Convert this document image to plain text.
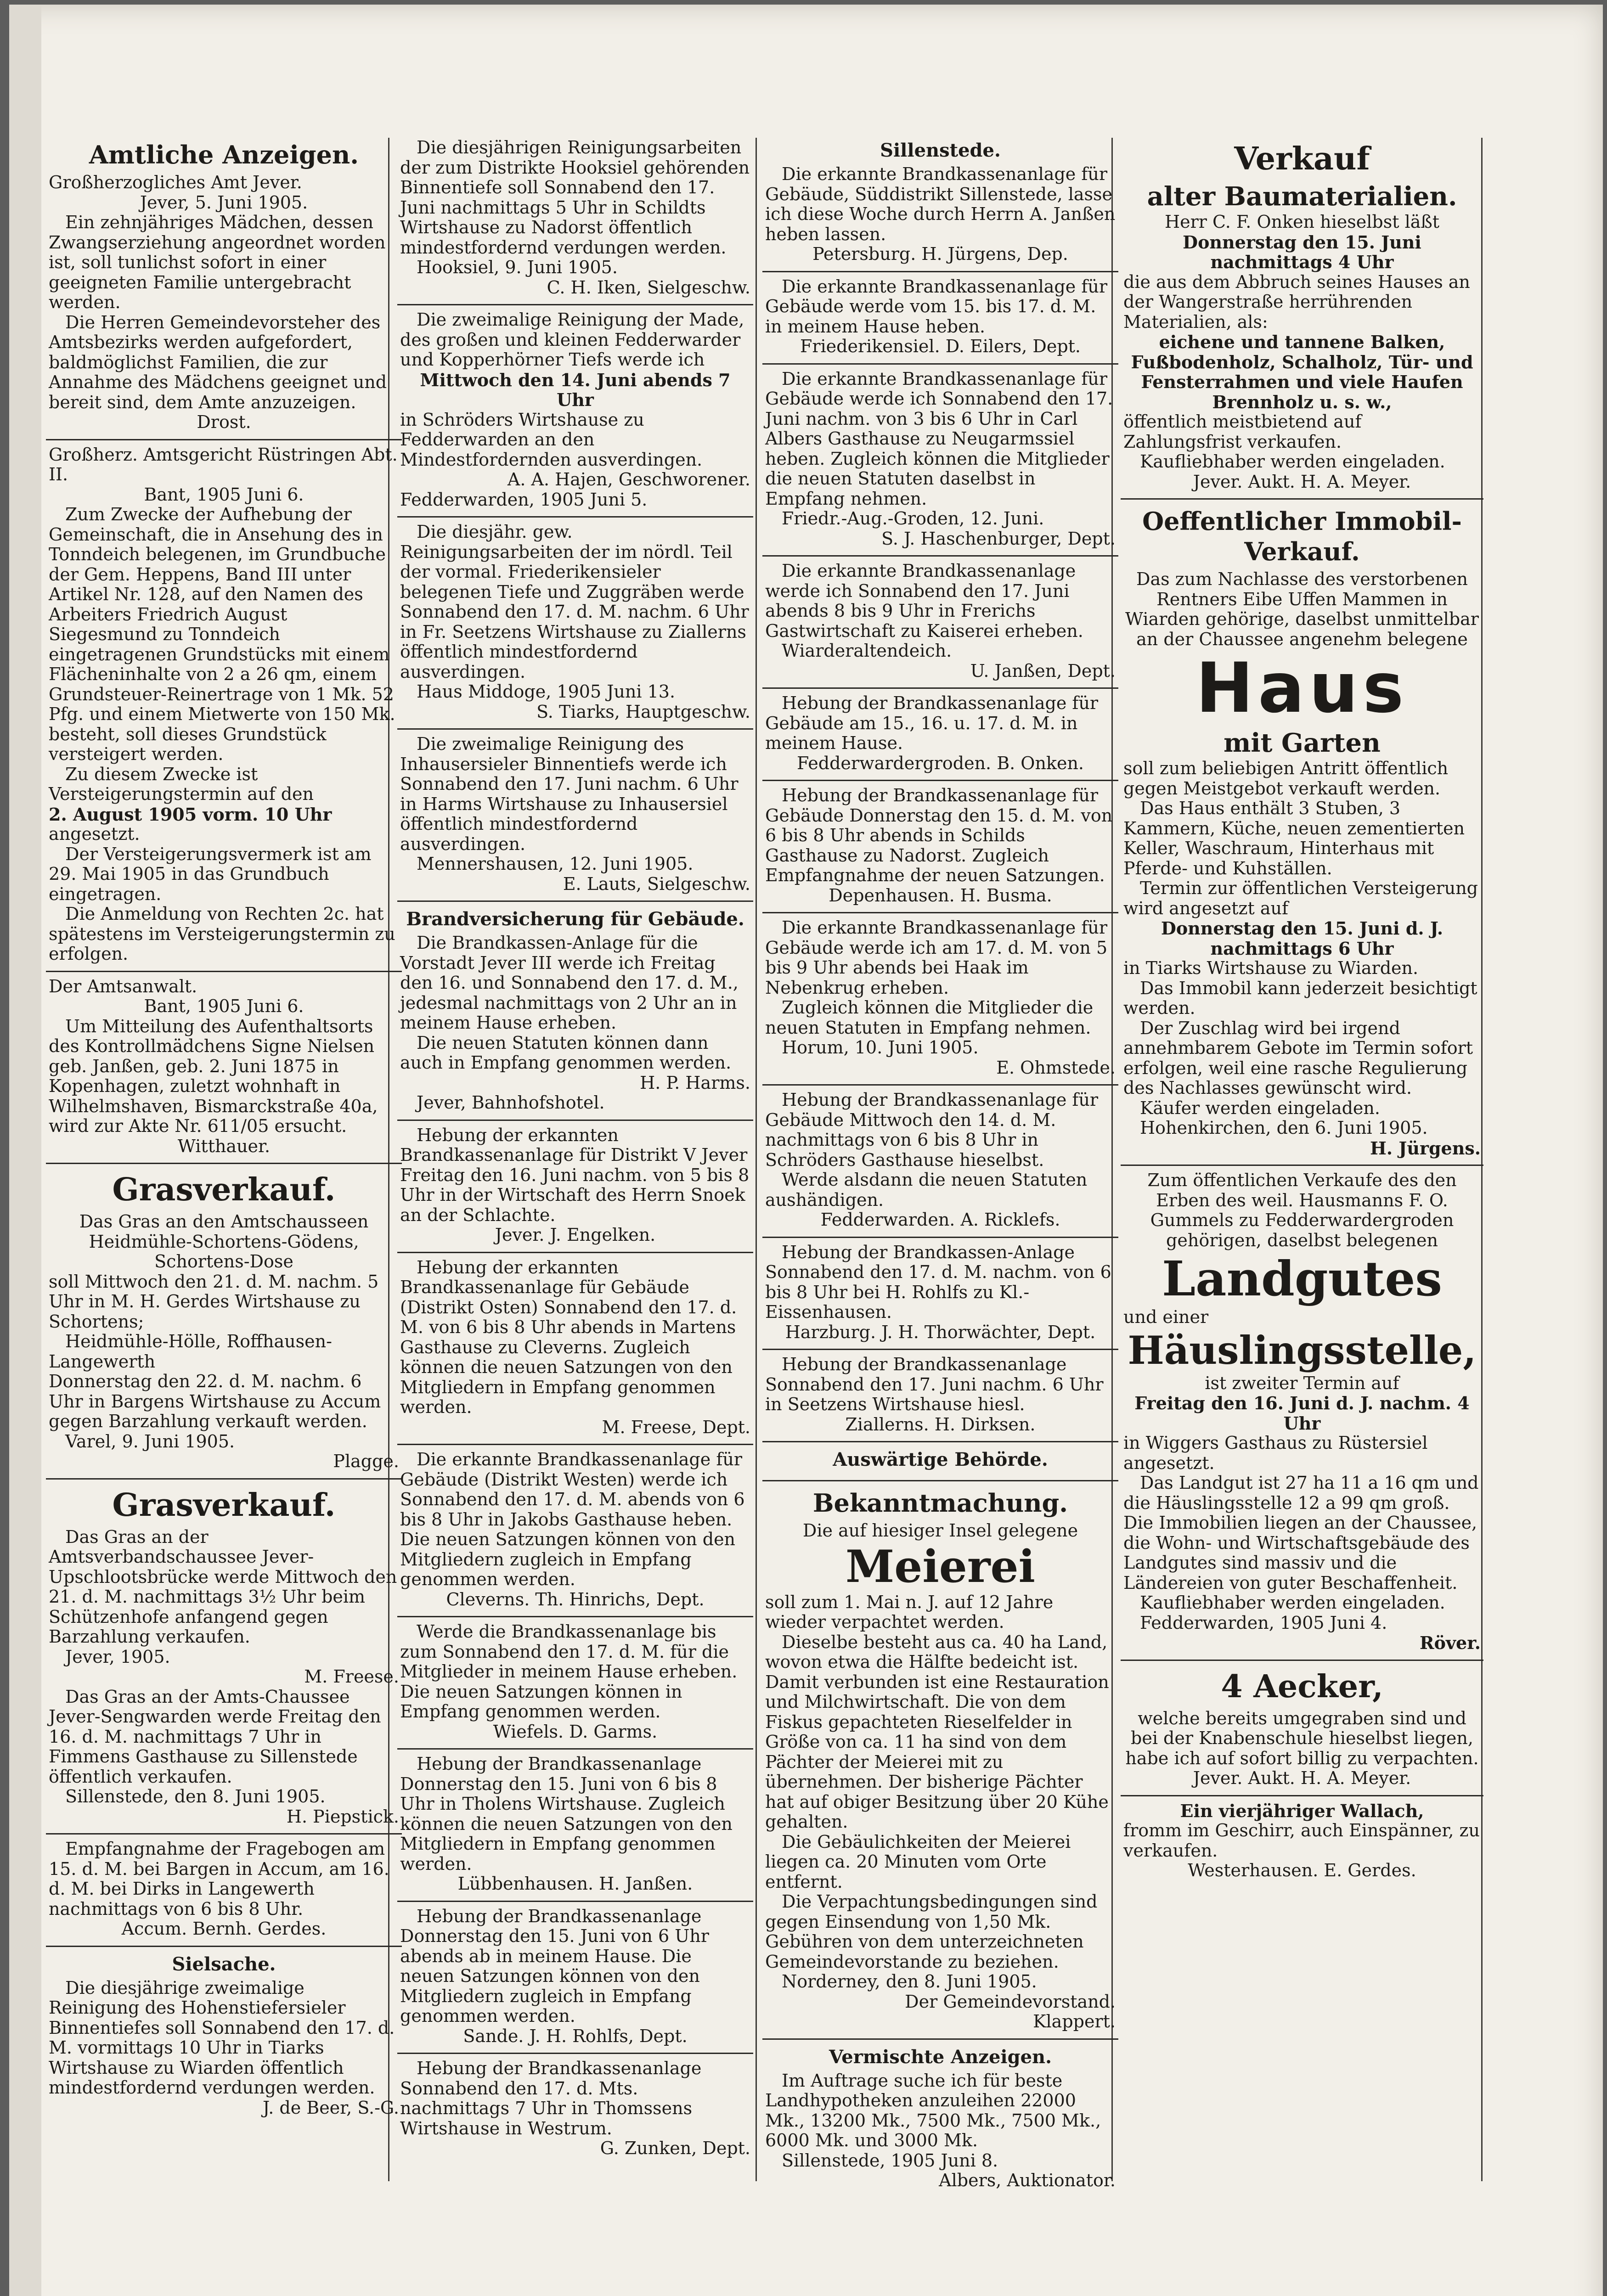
Amtliche Anzeigen.

Großherzogliches Amt Jever.

Jever, 5. Juni 1905.

Ein zehnjähriges Mädchen, dessen Zwangserziehung angeordnet worden ist, soll tunlichst sofort in einer geeigneten Familie untergebracht werden.

Die Herren Gemeindevorsteher des Amtsbezirks werden aufgefordert, baldmöglichst Familien, die zur Annahme des Mädchens geeignet und bereit sind, dem Amte anzuzeigen.

Drost.

Großherz. Amtsgericht Rüstringen Abt. II.

Bant, 1905 Juni 6.

Zum Zwecke der Aufhebung der Gemeinschaft, die in Ansehung des in Tonndeich belegenen, im Grundbuche der Gem. Heppens, Band III unter Artikel Nr. 128, auf den Namen des Arbeiters Friedrich August Siegesmund zu Tonndeich eingetragenen Grundstücks mit einem Flächeninhalte von 2 a 26 qm, einem Grundsteuer-Reinertrage von 1 Mk. 52 Pfg. und einem Mietwerte von 150 Mk. besteht, soll dieses Grundstück versteigert werden.

Zu diesem Zwecke ist Versteigerungstermin auf den

2. August 1905 vorm. 10 Uhr

angesetzt.

Der Versteigerungsvermerk ist am 29. Mai 1905 in das Grundbuch eingetragen.

Die Anmeldung von Rechten 2c. hat spätestens im Versteigerungstermin zu erfolgen.

Der Amtsanwalt.

Bant, 1905 Juni 6.

Um Mitteilung des Aufenthaltsorts des Kontrollmädchens Signe Nielsen geb. Janßen, geb. 2. Juni 1875 in Kopenhagen, zuletzt wohnhaft in Wilhelmshaven, Bismarckstraße 40a, wird zur Akte Nr. 611/05 ersucht.

Witthauer.

Grasverkauf.

Das Gras an den Amtschausseen Heidmühle-Schortens-Gödens, Schortens-Dose

soll Mittwoch den 21. d. M. nachm. 5 Uhr in M. H. Gerdes Wirtshause zu Schortens;

Heidmühle-Hölle, Roffhausen-Langewerth

Donnerstag den 22. d. M. nachm. 6 Uhr in Bargens Wirtshause zu Accum gegen Barzahlung verkauft werden.

Varel, 9. Juni 1905.

Plagge.

Grasverkauf.

Das Gras an der Amtsverbandschaussee Jever-Upschlootsbrücke werde Mittwoch den 21. d. M. nachmittags 3½ Uhr beim Schützenhofe anfangend gegen Barzahlung verkaufen.

Jever, 1905.

M. Freese.

Das Gras an der Amts-Chaussee Jever-Sengwarden werde Freitag den 16. d. M. nachmittags 7 Uhr in Fimmens Gasthause zu Sillenstede öffentlich verkaufen.

Sillenstede, den 8. Juni 1905.

H. Piepstick.

Empfangnahme der Fragebogen am 15. d. M. bei Bargen in Accum, am 16. d. M. bei Dirks in Langewerth nachmittags von 6 bis 8 Uhr.

Accum. Bernh. Gerdes.

Sielsache.

Die diesjährige zweimalige Reinigung des Hohenstiefersieler Binnentiefes soll Sonnabend den 17. d. M. vormittags 10 Uhr in Tiarks Wirtshause zu Wiarden öffentlich mindestfordernd verdungen werden.

J. de Beer, S.-G.

Die diesjährigen Reinigungsarbeiten der zum Distrikte Hooksiel gehörenden Binnentiefe soll Sonnabend den 17. Juni nachmittags 5 Uhr in Schildts Wirtshause zu Nadorst öffentlich mindestfordernd verdungen werden.

Hooksiel, 9. Juni 1905.

C. H. Iken, Sielgeschw.

Die zweimalige Reinigung der Made, des großen und kleinen Fedderwarder und Kopperhörner Tiefs werde ich

Mittwoch den 14. Juni abends 7 Uhr

in Schröders Wirtshause zu Fedderwarden an den Mindestfordernden ausverdingen.

A. A. Hajen, Geschworener.

Fedderwarden, 1905 Juni 5.

Die diesjähr. gew. Reinigungsarbeiten der im nördl. Teil der vormal. Friederikensieler belegenen Tiefe und Zuggräben werde Sonnabend den 17. d. M. nachm. 6 Uhr in Fr. Seetzens Wirtshause zu Ziallerns öffentlich mindestfordernd ausverdingen.

Haus Middoge, 1905 Juni 13.

S. Tiarks, Hauptgeschw.

Die zweimalige Reinigung des Inhausersieler Binnentiefs werde ich Sonnabend den 17. Juni nachm. 6 Uhr in Harms Wirtshause zu Inhausersiel öffentlich mindestfordernd ausverdingen.

Mennershausen, 12. Juni 1905.

E. Lauts, Sielgeschw.

Brandversicherung für Gebäude.

Die Brandkassen-Anlage für die Vorstadt Jever III werde ich Freitag den 16. und Sonnabend den 17. d. M., jedesmal nachmittags von 2 Uhr an in meinem Hause erheben.

Die neuen Statuten können dann auch in Empfang genommen werden.

H. P. Harms.

Jever, Bahnhofshotel.

Hebung der erkannten Brandkassenanlage für Distrikt V Jever Freitag den 16. Juni nachm. von 5 bis 8 Uhr in der Wirtschaft des Herrn Snoek an der Schlachte.

Jever. J. Engelken.

Hebung der erkannten Brandkassenanlage für Gebäude (Distrikt Osten) Sonnabend den 17. d. M. von 6 bis 8 Uhr abends in Martens Gasthause zu Cleverns. Zugleich können die neuen Satzungen von den Mitgliedern in Empfang genommen werden.

M. Freese, Dept.

Die erkannte Brandkassenanlage für Gebäude (Distrikt Westen) werde ich Sonnabend den 17. d. M. abends von 6 bis 8 Uhr in Jakobs Gasthause heben. Die neuen Satzungen können von den Mitgliedern zugleich in Empfang genommen werden.

Cleverns. Th. Hinrichs, Dept.

Werde die Brandkassenanlage bis zum Sonnabend den 17. d. M. für die Mitglieder in meinem Hause erheben. Die neuen Satzungen können in Empfang genommen werden.

Wiefels. D. Garms.

Hebung der Brandkassenanlage Donnerstag den 15. Juni von 6 bis 8 Uhr in Tholens Wirtshause. Zugleich können die neuen Satzungen von den Mitgliedern in Empfang genommen werden.

Lübbenhausen. H. Janßen.

Hebung der Brandkassenanlage Donnerstag den 15. Juni von 6 Uhr abends ab in meinem Hause. Die neuen Satzungen können von den Mitgliedern zugleich in Empfang genommen werden.

Sande. J. H. Rohlfs, Dept.

Hebung der Brandkassenanlage Sonnabend den 17. d. Mts. nachmittags 7 Uhr in Thomssens Wirtshause in Westrum.

G. Zunken, Dept.

Sillenstede.

Die erkannte Brandkassenanlage für Gebäude, Süddistrikt Sillenstede, lasse ich diese Woche durch Herrn A. Janßen heben lassen.

Petersburg. H. Jürgens, Dep.

Die erkannte Brandkassenanlage für Gebäude werde vom 15. bis 17. d. M. in meinem Hause heben.

Friederikensiel. D. Eilers, Dept.

Die erkannte Brandkassenanlage für Gebäude werde ich Sonnabend den 17. Juni nachm. von 3 bis 6 Uhr in Carl Albers Gasthause zu Neugarmssiel heben. Zugleich können die Mitglieder die neuen Statuten daselbst in Empfang nehmen.

Friedr.-Aug.-Groden, 12. Juni.

S. J. Haschenburger, Dept.

Die erkannte Brandkassenanlage werde ich Sonnabend den 17. Juni abends 8 bis 9 Uhr in Frerichs Gastwirtschaft zu Kaiserei erheben.

Wiarderaltendeich.

U. Janßen, Dept.

Hebung der Brandkassenanlage für Gebäude am 15., 16. u. 17. d. M. in meinem Hause.

Fedderwardergroden. B. Onken.

Hebung der Brandkassenanlage für Gebäude Donnerstag den 15. d. M. von 6 bis 8 Uhr abends in Schilds Gasthause zu Nadorst. Zugleich Empfangnahme der neuen Satzungen.

Depenhausen. H. Busma.

Die erkannte Brandkassenanlage für Gebäude werde ich am 17. d. M. von 5 bis 9 Uhr abends bei Haak im Nebenkrug erheben.

Zugleich können die Mitglieder die neuen Statuten in Empfang nehmen.

Horum, 10. Juni 1905.

E. Ohmstede.

Hebung der Brandkassenanlage für Gebäude Mittwoch den 14. d. M. nachmittags von 6 bis 8 Uhr in Schröders Gasthause hieselbst.

Werde alsdann die neuen Statuten aushändigen.

Fedderwarden. A. Ricklefs.

Hebung der Brandkassen-Anlage Sonnabend den 17. d. M. nachm. von 6 bis 8 Uhr bei H. Rohlfs zu Kl.-Eissenhausen.

Harzburg. J. H. Thorwächter, Dept.

Hebung der Brandkassenanlage Sonnabend den 17. Juni nachm. 6 Uhr in Seetzens Wirtshause hiesl.

Ziallerns. H. Dirksen.

Auswärtige Behörde.
Bekanntmachung.

Die auf hiesiger Insel gelegene

Meierei

soll zum 1. Mai n. J. auf 12 Jahre wieder verpachtet werden.

Dieselbe besteht aus ca. 40 ha Land, wovon etwa die Hälfte bedeicht ist. Damit verbunden ist eine Restauration und Milchwirtschaft. Die von dem Fiskus gepachteten Rieselfelder in Größe von ca. 11 ha sind von dem Pächter der Meierei mit zu übernehmen. Der bisherige Pächter hat auf obiger Besitzung über 20 Kühe gehalten.

Die Gebäulichkeiten der Meierei liegen ca. 20 Minuten vom Orte entfernt.

Die Verpachtungsbedingungen sind gegen Einsendung von 1,50 Mk. Gebühren von dem unterzeichneten Gemeindevorstande zu beziehen.

Norderney, den 8. Juni 1905.

Der Gemeindevorstand.

Klappert.

Vermischte Anzeigen.

Im Auftrage suche ich für beste Landhypotheken anzuleihen 22000 Mk., 13200 Mk., 7500 Mk., 7500 Mk., 6000 Mk. und 3000 Mk.

Sillenstede, 1905 Juni 8.

Albers, Auktionator.

Verkauf

alter Baumaterialien.

Herr C. F. Onken hieselbst läßt

Donnerstag den 15. Juni nachmittags 4 Uhr

die aus dem Abbruch seines Hauses an der Wangerstraße herrührenden Materialien, als:

eichene und tannene Balken, Fußbodenholz, Schalholz, Tür- und Fensterrahmen und viele Haufen Brennholz u. s. w.,

öffentlich meistbietend auf Zahlungsfrist verkaufen.

Kaufliebhaber werden eingeladen.

Jever. Aukt. H. A. Meyer.

Oeffentlicher Immobil-Verkauf.

Das zum Nachlasse des verstorbenen Rentners Eibe Uffen Mammen in Wiarden gehörige, daselbst unmittelbar an der Chaussee angenehm belegene

Haus

mit Garten

soll zum beliebigen Antritt öffentlich gegen Meistgebot verkauft werden.

Das Haus enthält 3 Stuben, 3 Kammern, Küche, neuen zementierten Keller, Waschraum, Hinterhaus mit Pferde- und Kuhställen.

Termin zur öffentlichen Versteigerung wird angesetzt auf

Donnerstag den 15. Juni d. J. nachmittags 6 Uhr

in Tiarks Wirtshause zu Wiarden.

Das Immobil kann jederzeit besichtigt werden.

Der Zuschlag wird bei irgend annehmbarem Gebote im Termin sofort erfolgen, weil eine rasche Regulierung des Nachlasses gewünscht wird.

Käufer werden eingeladen.

Hohenkirchen, den 6. Juni 1905.

H. Jürgens.

Zum öffentlichen Verkaufe des den Erben des weil. Hausmanns F. O. Gummels zu Fedderwardergroden gehörigen, daselbst belegenen

Landgutes

und einer

Häuslingsstelle,

ist zweiter Termin auf

Freitag den 16. Juni d. J. nachm. 4 Uhr

in Wiggers Gasthaus zu Rüstersiel angesetzt.

Das Landgut ist 27 ha 11 a 16 qm und die Häuslingsstelle 12 a 99 qm groß. Die Immobilien liegen an der Chaussee, die Wohn- und Wirtschaftsgebäude des Landgutes sind massiv und die Ländereien von guter Beschaffenheit.

Kaufliebhaber werden eingeladen.

Fedderwarden, 1905 Juni 4.

Röver.

4 Aecker,

welche bereits umgegraben sind und bei der Knabenschule hieselbst liegen, habe ich auf sofort billig zu verpachten.

Jever. Aukt. H. A. Meyer.

Ein vierjähriger Wallach,

fromm im Geschirr, auch Einspänner, zu verkaufen.

Westerhausen. E. Gerdes.
